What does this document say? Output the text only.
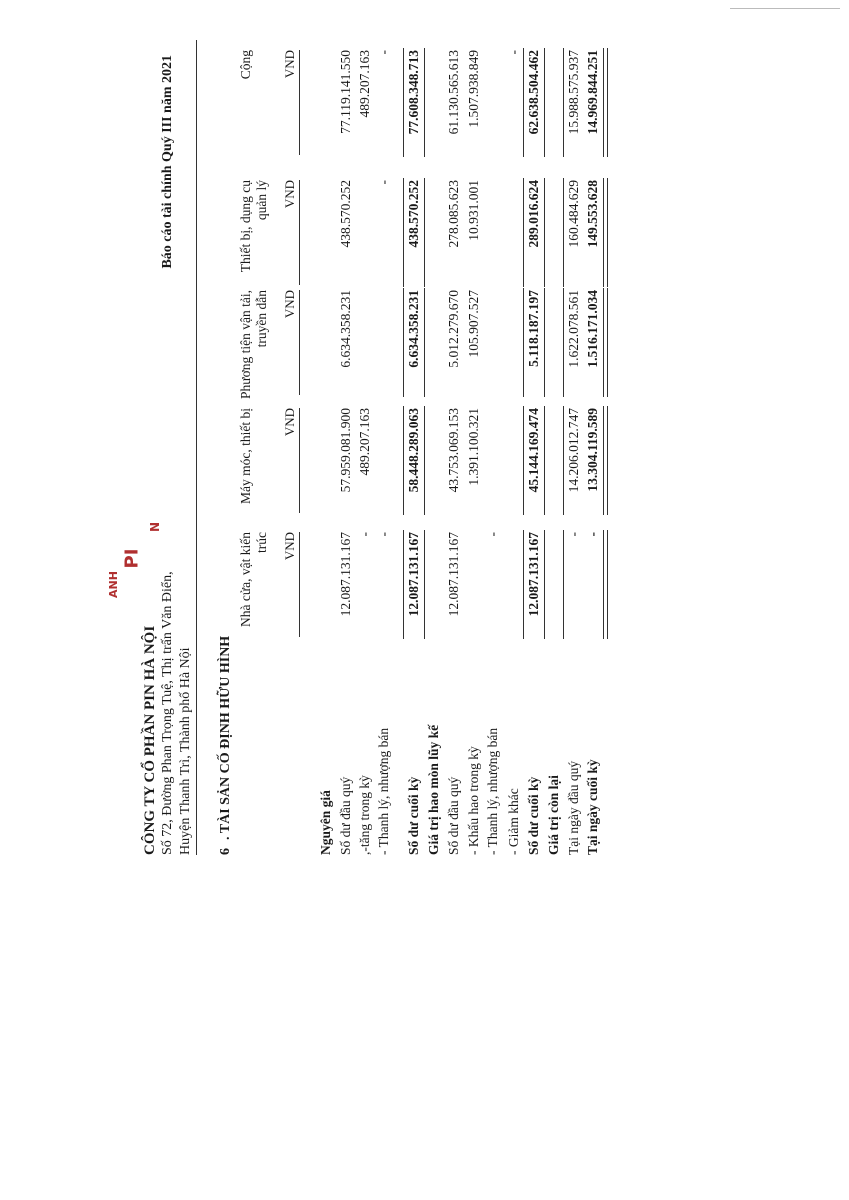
PI
N
ANH
CÔNG TY CỔ PHẦN PIN HÀ NỘI Số 72, Đường Phan Trọng Tuệ, Thị trấn Văn Điển, Huyện Thanh Trì, Thành phố Hà Nội
Báo cáo tài chính Quý III năm 2021
6
. TÀI SẢN CỐ ĐỊNH HỮU HÌNH
Nhà cửa, vật kiến trúc VND
Máy móc, thiết bị VND
Phương tiện vận tải, truyền dẫn VND
Thiết bị, dụng cụ quản lý VND
Cộng VND
Nguyên giá Số dư đầu quý
12.087.131.167
57.959.081.900
6.634.358.231
438.570.252
77.119.141.550
,-tăng trong kỳ
-
489.207.163
489.207.163
- Thanh lý, nhượng bán
-
-
-
Số dư cuối kỳ
12.087.131.167
58.448.289.063
6.634.358.231
438.570.252
77.608.348.713
Giá trị hao mòn lũy kế Số dư đầu quý
12.087.131.167
43.753.069.153
5.012.279.670
278.085.623
61.130.565.613
- Khấu hao trong kỳ
1.391.100.321
105.907.527
10.931.001
1.507.938.849
- Thanh lý, nhượng bán
-
- Giảm khác
-
Số dư cuối kỳ
12.087.131.167
45.144.169.474
5.118.187.197
289.016.624
62.638.504.462
Giá trị còn lại Tại ngày đầu quý
-
14.206.012.747
1.622.078.561
160.484.629
15.988.575.937
Tại ngày cuối kỳ
-
13.304.119.589
1.516.171.034
149.553.628
14.969.844.251
